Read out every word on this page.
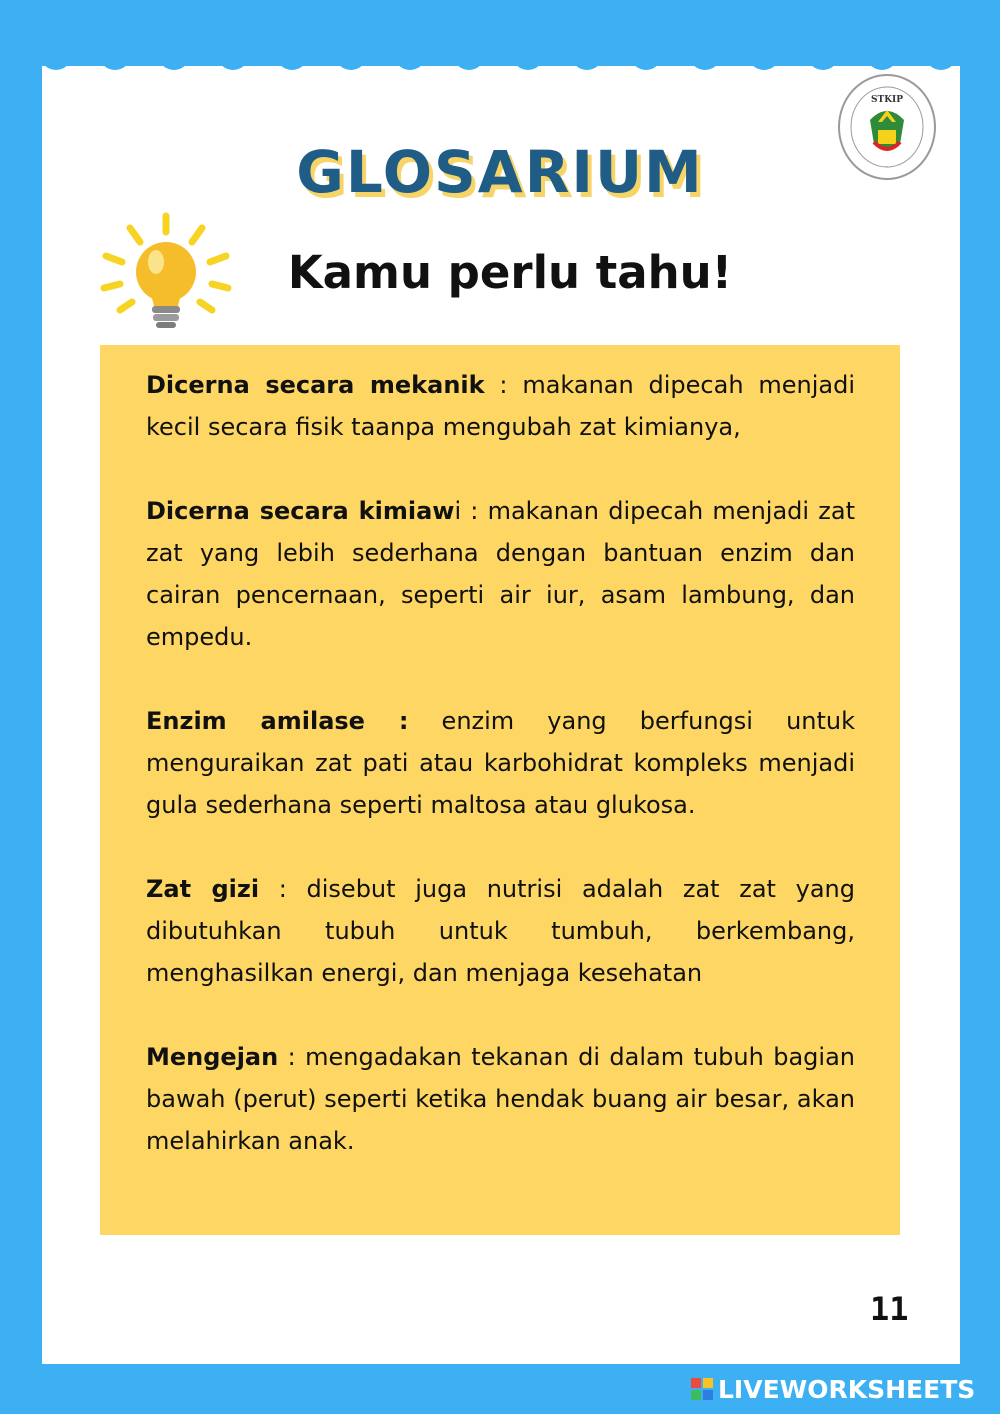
STKIP
·
GLOSARIUM
Kamu perlu tahu!

Dicerna secara mekanik : makanan dipecah menjadi kecil secara fisik taanpa mengubah zat kimianya,

Dicerna secara kimiawi : makanan dipecah menjadi zat zat yang lebih sederhana dengan bantuan enzim dan cairan pencernaan, seperti air iur, asam lambung, dan empedu.

Enzim amilase : enzim yang berfungsi untuk menguraikan zat pati atau karbohidrat kompleks menjadi gula sederhana seperti maltosa atau glukosa.

Zat gizi : disebut juga nutrisi adalah zat zat yang dibutuhkan tubuh untuk tumbuh, berkembang, menghasilkan energi, dan menjaga kesehatan

Mengejan : mengadakan tekanan di dalam tubuh bagian bawah (perut) seperti ketika hendak buang air besar, akan melahirkan anak.

11
LIVEWORKSHEETS
